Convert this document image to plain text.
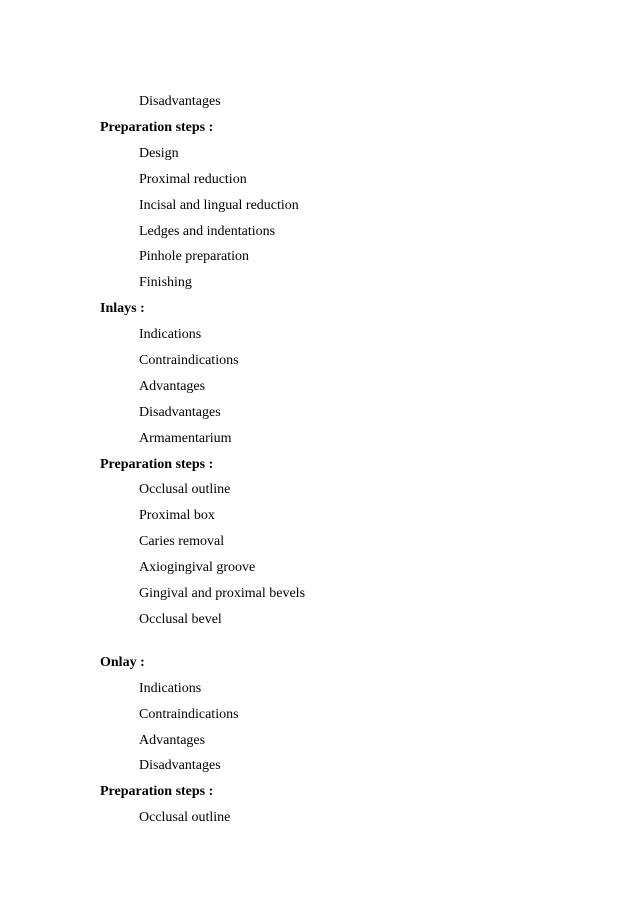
Disadvantages
Preparation steps :
Design
Proximal reduction
Incisal and lingual reduction
Ledges and indentations
Pinhole preparation
Finishing
Inlays :
Indications
Contraindications
Advantages
Disadvantages
Armamentarium
Preparation steps :
Occlusal outline
Proximal box
Caries removal
Axiogingival groove
Gingival and proximal bevels
Occlusal bevel
Onlay :
Indications
Contraindications
Advantages
Disadvantages
Preparation steps :
Occlusal outline
